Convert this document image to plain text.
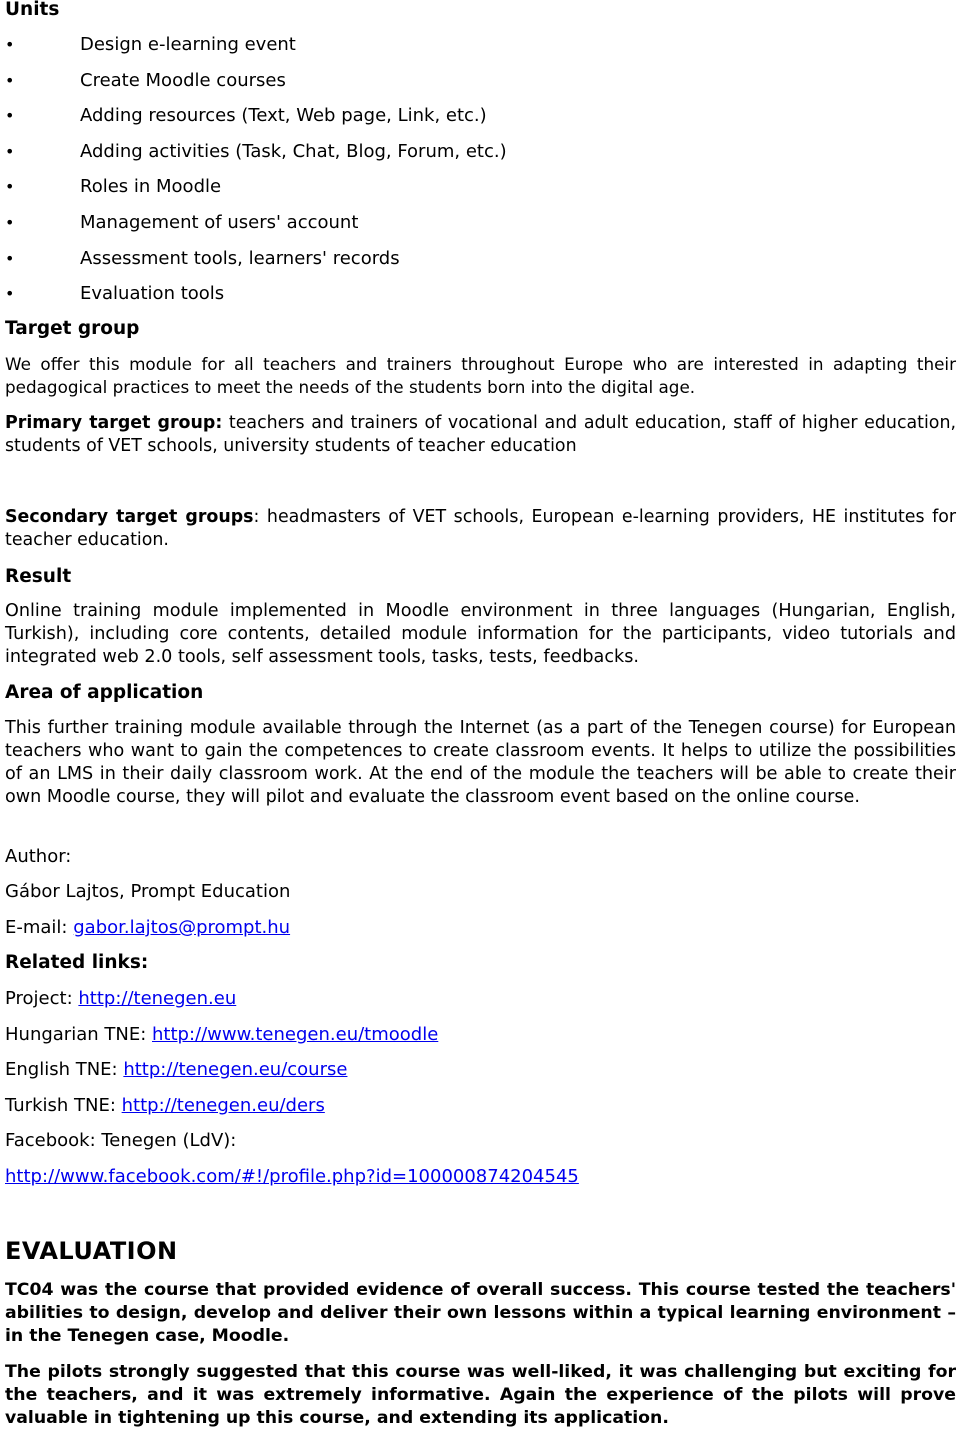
Units
• Design e-learning event
• Create Moodle courses
• Adding resources (Text, Web page, Link, etc.)
• Adding activities (Task, Chat, Blog, Forum, etc.)
• Roles in Moodle
• Management of users' account
• Assessment tools, learners' records
• Evaluation tools
Target group

We offer this module for all teachers and trainers throughout Europe who are interested in adapting their pedagogical practices to meet the needs of the students born into the digital age.

Primary target group: teachers and trainers of vocational and adult education, staff of higher education, students of VET schools, university students of teacher education

Secondary target groups: headmasters of VET schools, European e-learning providers, HE institutes for teacher education.

Result

Online training module implemented in Moodle environment in three languages (Hungarian, English, Turkish), including core contents, detailed module information for the participants, video tutorials and integrated web 2.0 tools, self assessment tools, tasks, tests, feedbacks.

Area of application

This further training module available through the Internet (as a part of the Tenegen course) for European teachers who want to gain the competences to create classroom events. It helps to utilize the possibilities of an LMS in their daily classroom work. At the end of the module the teachers will be able to create their own Moodle course, they will pilot and evaluate the classroom event based on the online course.

Author:

Gábor Lajtos, Prompt Education

E-mail: gabor.lajtos@prompt.hu

Related links:

Project: http://tenegen.eu

Hungarian TNE: http://www.tenegen.eu/tmoodle

English TNE: http://tenegen.eu/course

Turkish TNE: http://tenegen.eu/ders

Facebook: Tenegen (LdV):

http://www.facebook.com/#!/profile.php?id=100000874204545

EVALUATION

TC04 was the course that provided evidence of overall success. This course tested the teachers' abilities to design, develop and deliver their own lessons within a typical learning environment – in the Tenegen case, Moodle.

The pilots strongly suggested that this course was well-liked, it was challenging but exciting for the teachers, and it was extremely informative. Again the experience of the pilots will prove valuable in tightening up this course, and extending its application.
